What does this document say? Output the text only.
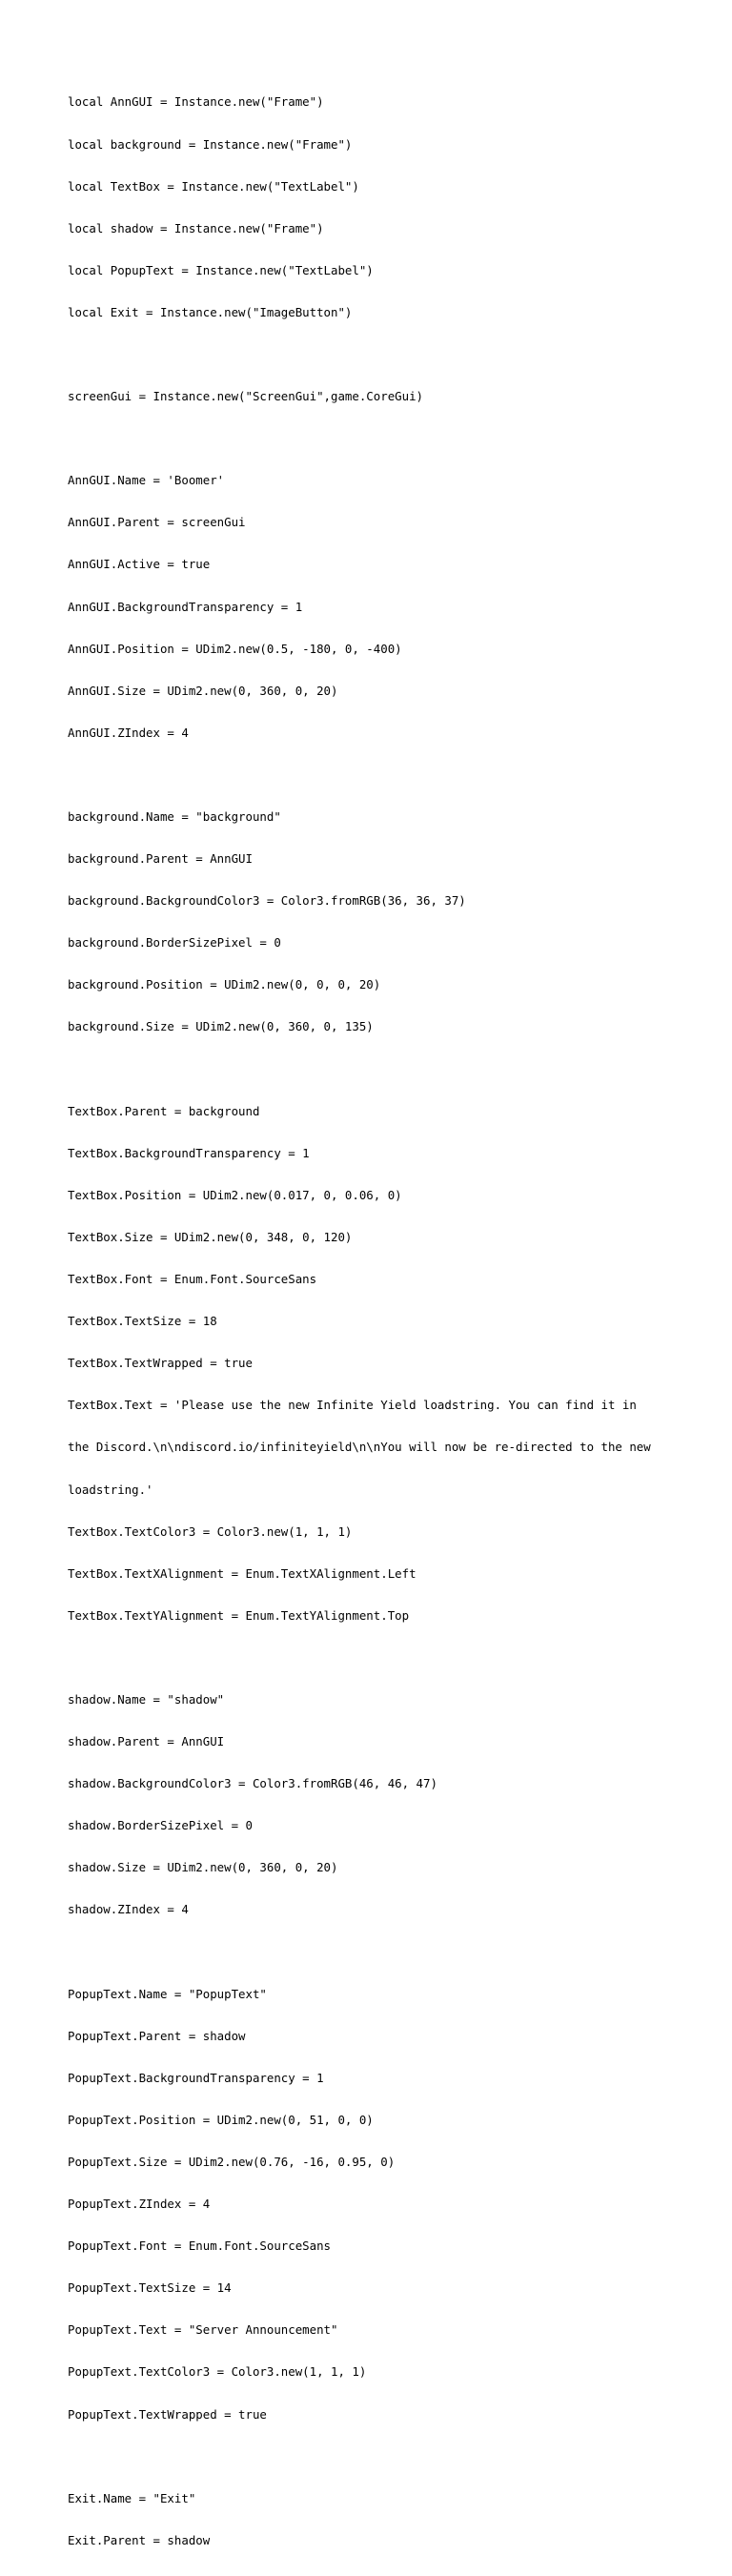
local AnnGUI = Instance.new("Frame")

local background = Instance.new("Frame")

local TextBox = Instance.new("TextLabel")

local shadow = Instance.new("Frame")

local PopupText = Instance.new("TextLabel")

local Exit = Instance.new("ImageButton")

screenGui = Instance.new("ScreenGui",game.CoreGui)

AnnGUI.Name = 'Boomer'

AnnGUI.Parent = screenGui

AnnGUI.Active = true

AnnGUI.BackgroundTransparency = 1

AnnGUI.Position = UDim2.new(0.5, -180, 0, -400)

AnnGUI.Size = UDim2.new(0, 360, 0, 20)

AnnGUI.ZIndex = 4

background.Name = "background"

background.Parent = AnnGUI

background.BackgroundColor3 = Color3.fromRGB(36, 36, 37)

background.BorderSizePixel = 0

background.Position = UDim2.new(0, 0, 0, 20)

background.Size = UDim2.new(0, 360, 0, 135)

TextBox.Parent = background

TextBox.BackgroundTransparency = 1

TextBox.Position = UDim2.new(0.017, 0, 0.06, 0)

TextBox.Size = UDim2.new(0, 348, 0, 120)

TextBox.Font = Enum.Font.SourceSans

TextBox.TextSize = 18

TextBox.TextWrapped = true

TextBox.Text = 'Please use the new Infinite Yield loadstring. You can find it in

the Discord.\n\ndiscord.io/infiniteyield\n\nYou will now be re-directed to the new

loadstring.'

TextBox.TextColor3 = Color3.new(1, 1, 1)

TextBox.TextXAlignment = Enum.TextXAlignment.Left

TextBox.TextYAlignment = Enum.TextYAlignment.Top

shadow.Name = "shadow"

shadow.Parent = AnnGUI

shadow.BackgroundColor3 = Color3.fromRGB(46, 46, 47)

shadow.BorderSizePixel = 0

shadow.Size = UDim2.new(0, 360, 0, 20)

shadow.ZIndex = 4

PopupText.Name = "PopupText"

PopupText.Parent = shadow

PopupText.BackgroundTransparency = 1

PopupText.Position = UDim2.new(0, 51, 0, 0)

PopupText.Size = UDim2.new(0.76, -16, 0.95, 0)

PopupText.ZIndex = 4

PopupText.Font = Enum.Font.SourceSans

PopupText.TextSize = 14

PopupText.Text = "Server Announcement"

PopupText.TextColor3 = Color3.new(1, 1, 1)

PopupText.TextWrapped = true

Exit.Name = "Exit"

Exit.Parent = shadow
